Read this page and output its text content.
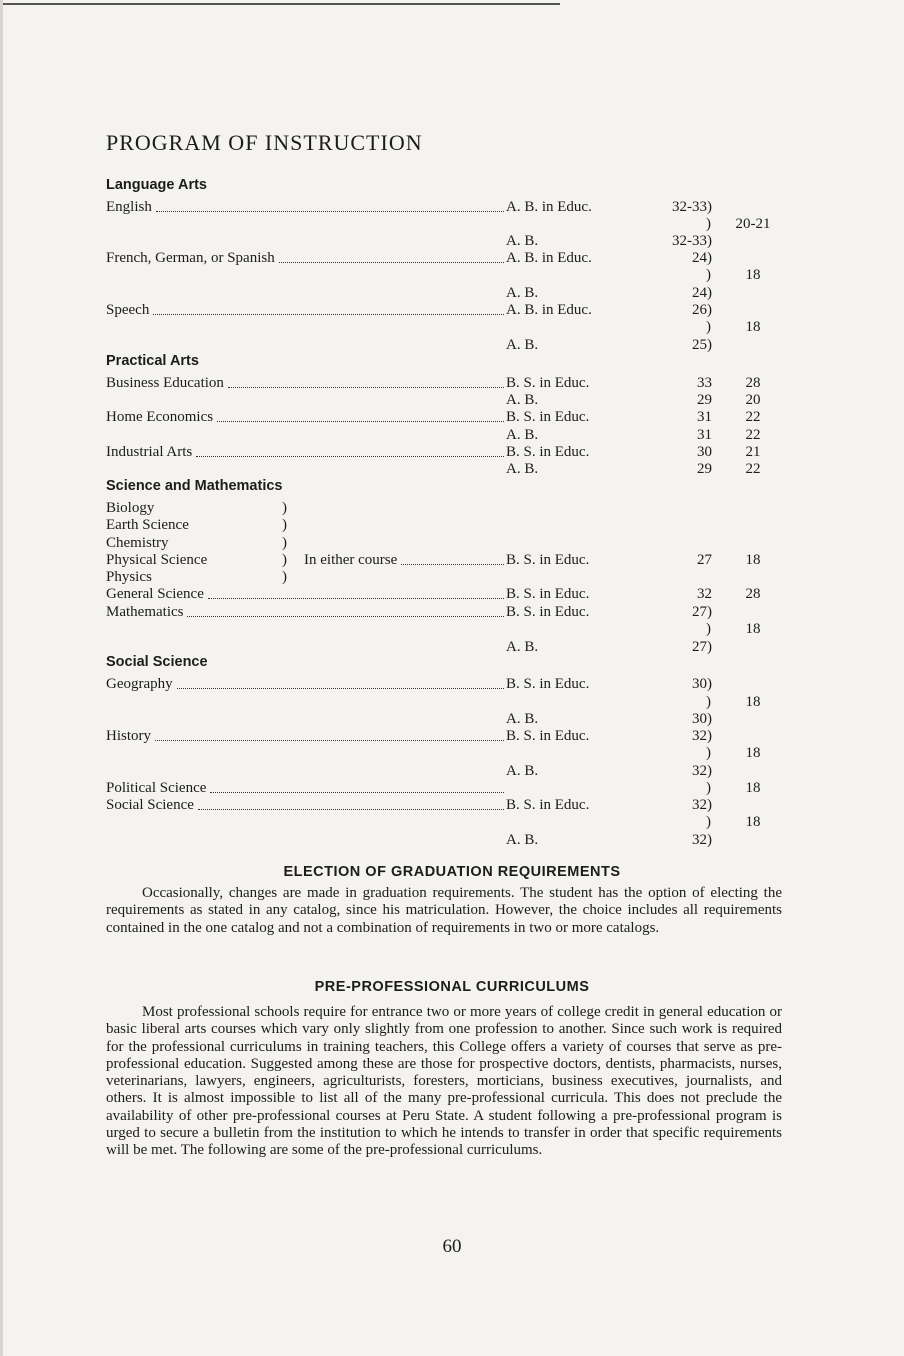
PROGRAM OF INSTRUCTION
Language Arts
English	A. B. in Educ.	32-33)
) 20-21
A. B.	32-33)
French, German, or Spanish	A. B. in Educ.	24)
)	18
A. B.	24)
Speech	A. B. in Educ.	26)
)	18
A. B.	25)
Practical Arts
Business Education	B. S. in Educ.	33	28
A. B.	29	20
Home Economics	B. S. in Educ.	31	22
A. B.	31	22
Industrial Arts	B. S. in Educ.	30	21
A. B.	29	22
Science and Mathematics
Biology	)
Earth Science	)
Chemistry	)
Physical Science	) In either course	B. S. in Educ.	27	18
Physics	)
General Science	B. S. in Educ.	32	28
Mathematics	B. S. in Educ.	27)
)	18
A. B.	27)
Social Science
Geography	B. S. in Educ.	30)
)	18
A. B.	30)
History	B. S. in Educ.	32)
)	18
A. B.	32)
Political Science	)	18
Social Science	B. S. in Educ.	32)
)	18
A. B.	32)
ELECTION OF GRADUATION REQUIREMENTS
Occasionally, changes are made in graduation requirements. The student has the option of electing the requirements as stated in any catalog, since his matriculation. However, the choice includes all requirements contained in the one catalog and not a combination of requirements in two or more catalogs.
PRE-PROFESSIONAL CURRICULUMS
Most professional schools require for entrance two or more years of college credit in general education or basic liberal arts courses which vary only slightly from one profession to another. Since such work is required for the professional curriculums in training teachers, this College offers a variety of courses that serve as pre-professional education. Suggested among these are those for prospective doctors, dentists, pharmacists, nurses, veterinarians, lawyers, engineers, agriculturists, foresters, morticians, business executives, journalists, and others. It is almost impossible to list all of the many pre-professional curricula. This does not preclude the availability of other pre-professional courses at Peru State. A student following a pre-professional program is urged to secure a bulletin from the institution to which he intends to transfer in order that specific requirements will be met. The following are some of the pre-professional curriculums.
60
